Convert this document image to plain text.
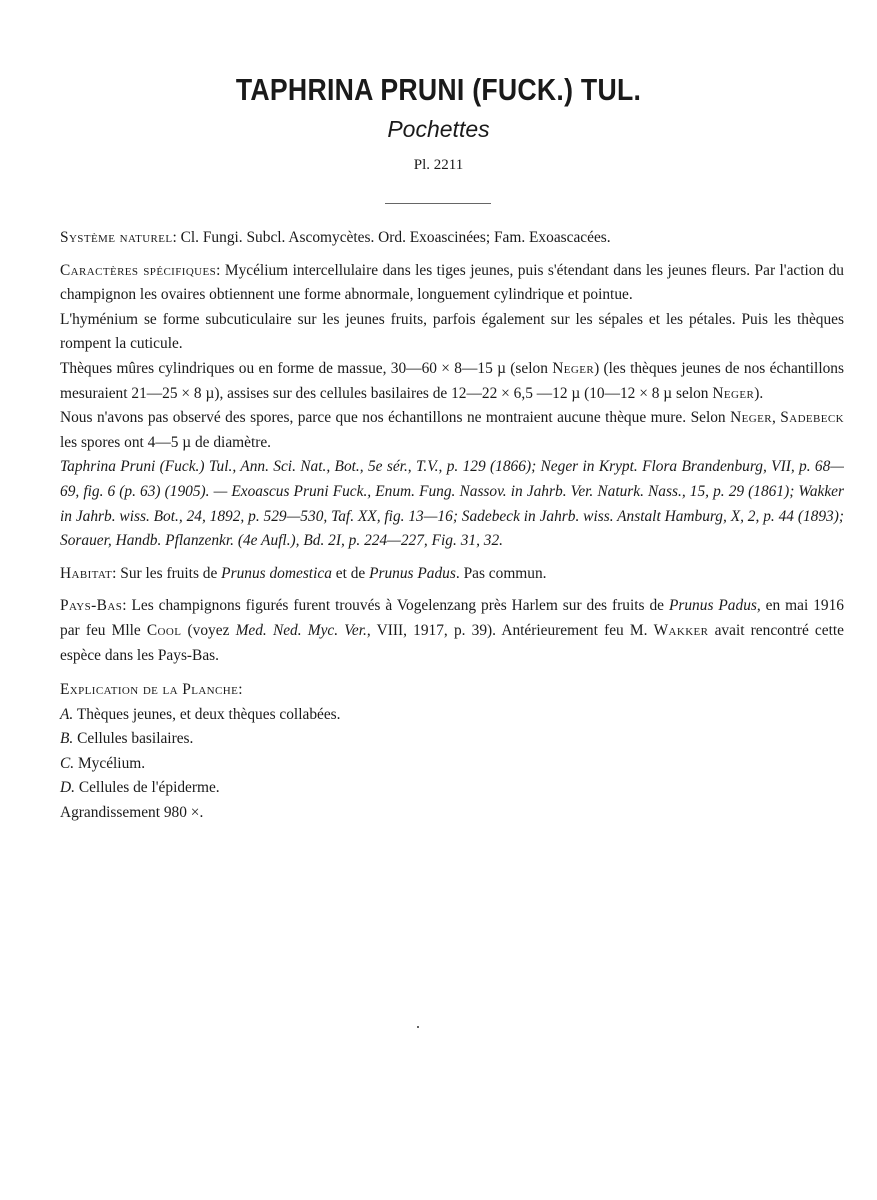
TAPHRINA PRUNI (FUCK.) TUL.
Pochettes
Pl. 2211

Système naturel: Cl. Fungi. Subcl. Ascomycètes. Ord. Exoascinées; Fam. Exoascacées.

Caractères spécifiques: Mycélium intercellulaire dans les tiges jeunes, puis s'étendant dans les jeunes fleurs. Par l'action du champignon les ovaires obtiennent une forme abnormale, longuement cylindrique et pointue.

L'hyménium se forme subcuticulaire sur les jeunes fruits, parfois également sur les sépales et les pétales. Puis les thèques rompent la cuticule.

Thèques mûres cylindriques ou en forme de massue, 30—60 × 8—15 µ (selon Neger) (les thèques jeunes de nos échantillons mesuraient 21—25 × 8 µ), assises sur des cellules basilaires de 12—22 × 6,5 —12 µ (10—12 × 8 µ selon Neger).

Nous n'avons pas observé des spores, parce que nos échantillons ne montraient aucune thèque mure. Selon Neger, Sadebeck les spores ont 4—5 µ de diamètre.

Taphrina Pruni (Fuck.) Tul., Ann. Sci. Nat., Bot., 5e sér., T.V., p. 129 (1866); Neger in Krypt. Flora Brandenburg, VII, p. 68—69, fig. 6 (p. 63) (1905). — Exoascus Pruni Fuck., Enum. Fung. Nassov. in Jahrb. Ver. Naturk. Nass., 15, p. 29 (1861); Wakker in Jahrb. wiss. Bot., 24, 1892, p. 529—530, Taf. XX, fig. 13—16; Sadebeck in Jahrb. wiss. Anstalt Hamburg, X, 2, p. 44 (1893); Sorauer, Handb. Pflanzenkr. (4e Aufl.), Bd. 2I, p. 224—227, Fig. 31, 32.

Habitat: Sur les fruits de Prunus domestica et de Prunus Padus. Pas commun.

Pays-Bas: Les champignons figurés furent trouvés à Vogelenzang près Harlem sur des fruits de Prunus Padus, en mai 1916 par feu Mlle Cool (voyez Med. Ned. Myc. Ver., VIII, 1917, p. 39). Antérieurement feu M. Wakker avait rencontré cette espèce dans les Pays-Bas.

Explication de la Planche:

A. Thèques jeunes, et deux thèques collabées.

B. Cellules basilaires.

C. Mycélium.

D. Cellules de l'épiderme.

Agrandissement 980 ×.
